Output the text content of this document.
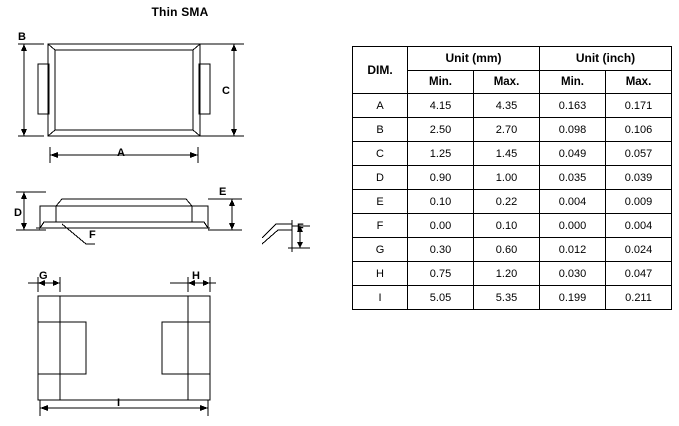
Thin SMA
B
C
A
D
E
F
F
G	H
I
DIM.	Unit (mm)		Unit (inch)	
	Min.	Max.	Min.	Max.
A	4.15	4.35	0.163	0.171
B	2.50	2.70	0.098	0.106
C	1.25	1.45	0.049	0.057
D	0.90	1.00	0.035	0.039
E	0.10	0.22	0.004	0.009
F	0.00	0.10	0.000	0.004
G	0.30	0.60	0.012	0.024
H	0.75	1.20	0.030	0.047
I	5.05	5.35	0.199	0.211
